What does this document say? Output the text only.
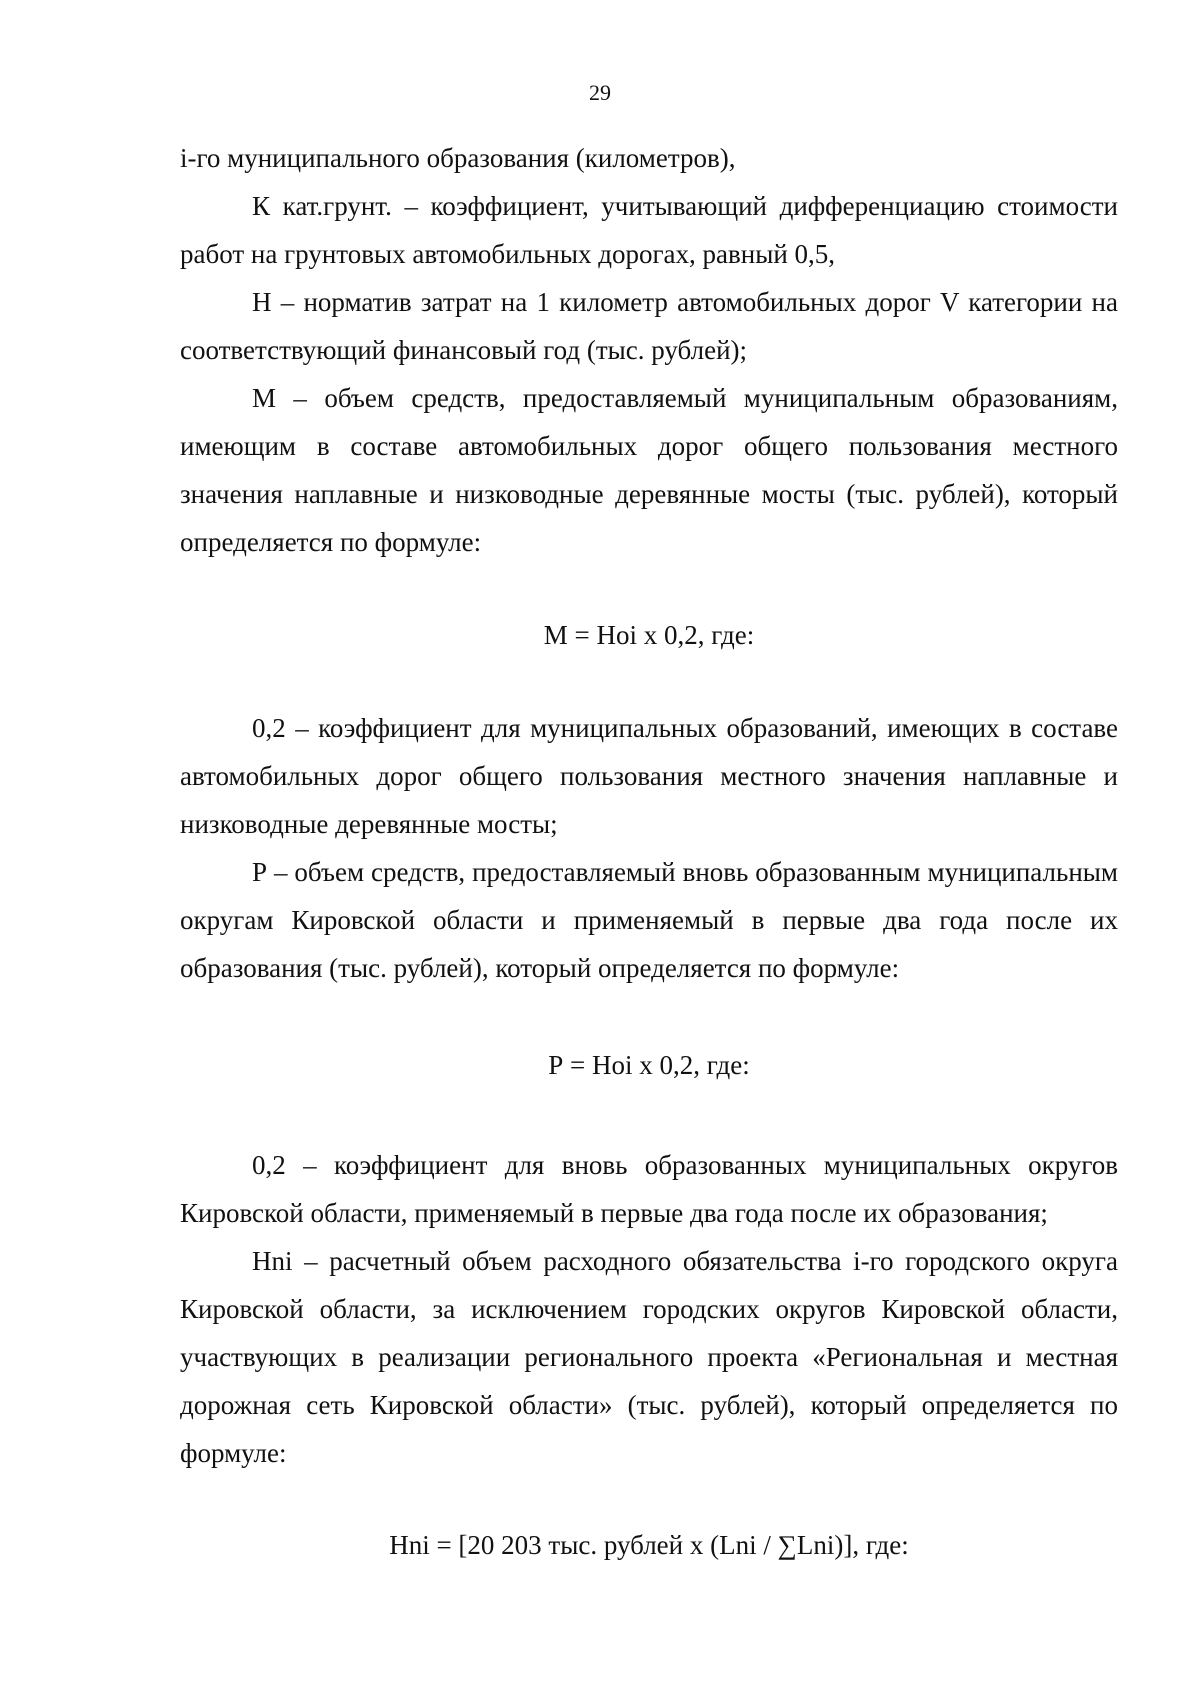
29

i-го муниципального образования (километров),

К кат.грунт. – коэффициент, учитывающий дифференциацию стоимости работ на грунтовых автомобильных дорогах, равный 0,5,

Н – норматив затрат на 1 километр автомобильных дорог V категории на соответствующий финансовый год (тыс. рублей);

М – объем средств, предоставляемый муниципальным образованиям, имеющим в составе автомобильных дорог общего пользования местного значения наплавные и низководные деревянные мосты (тыс. рублей), который определяется по формуле:

М = Hoi x 0,2, где:

0,2 – коэффициент для муниципальных образований, имеющих в составе автомобильных дорог общего пользования местного значения наплавные и низководные деревянные мосты;

Р – объем средств, предоставляемый вновь образованным муниципальным округам Кировской области и применяемый в первые два года после их образования (тыс. рублей), который определяется по формуле:

Р = Hoi x 0,2, где:

0,2 – коэффициент для вновь образованных муниципальных округов Кировской области, применяемый в первые два года после их образования;

Hni – расчетный объем расходного обязательства i-го городского округа Кировской области, за исключением городских округов Кировской области, участвующих в реализации регионального проекта «Региональная и местная дорожная сеть Кировской области» (тыс. рублей), который определяется по формуле:

Hni = [20 203 тыс. рублей x (Lni / ∑Lni)], где:
